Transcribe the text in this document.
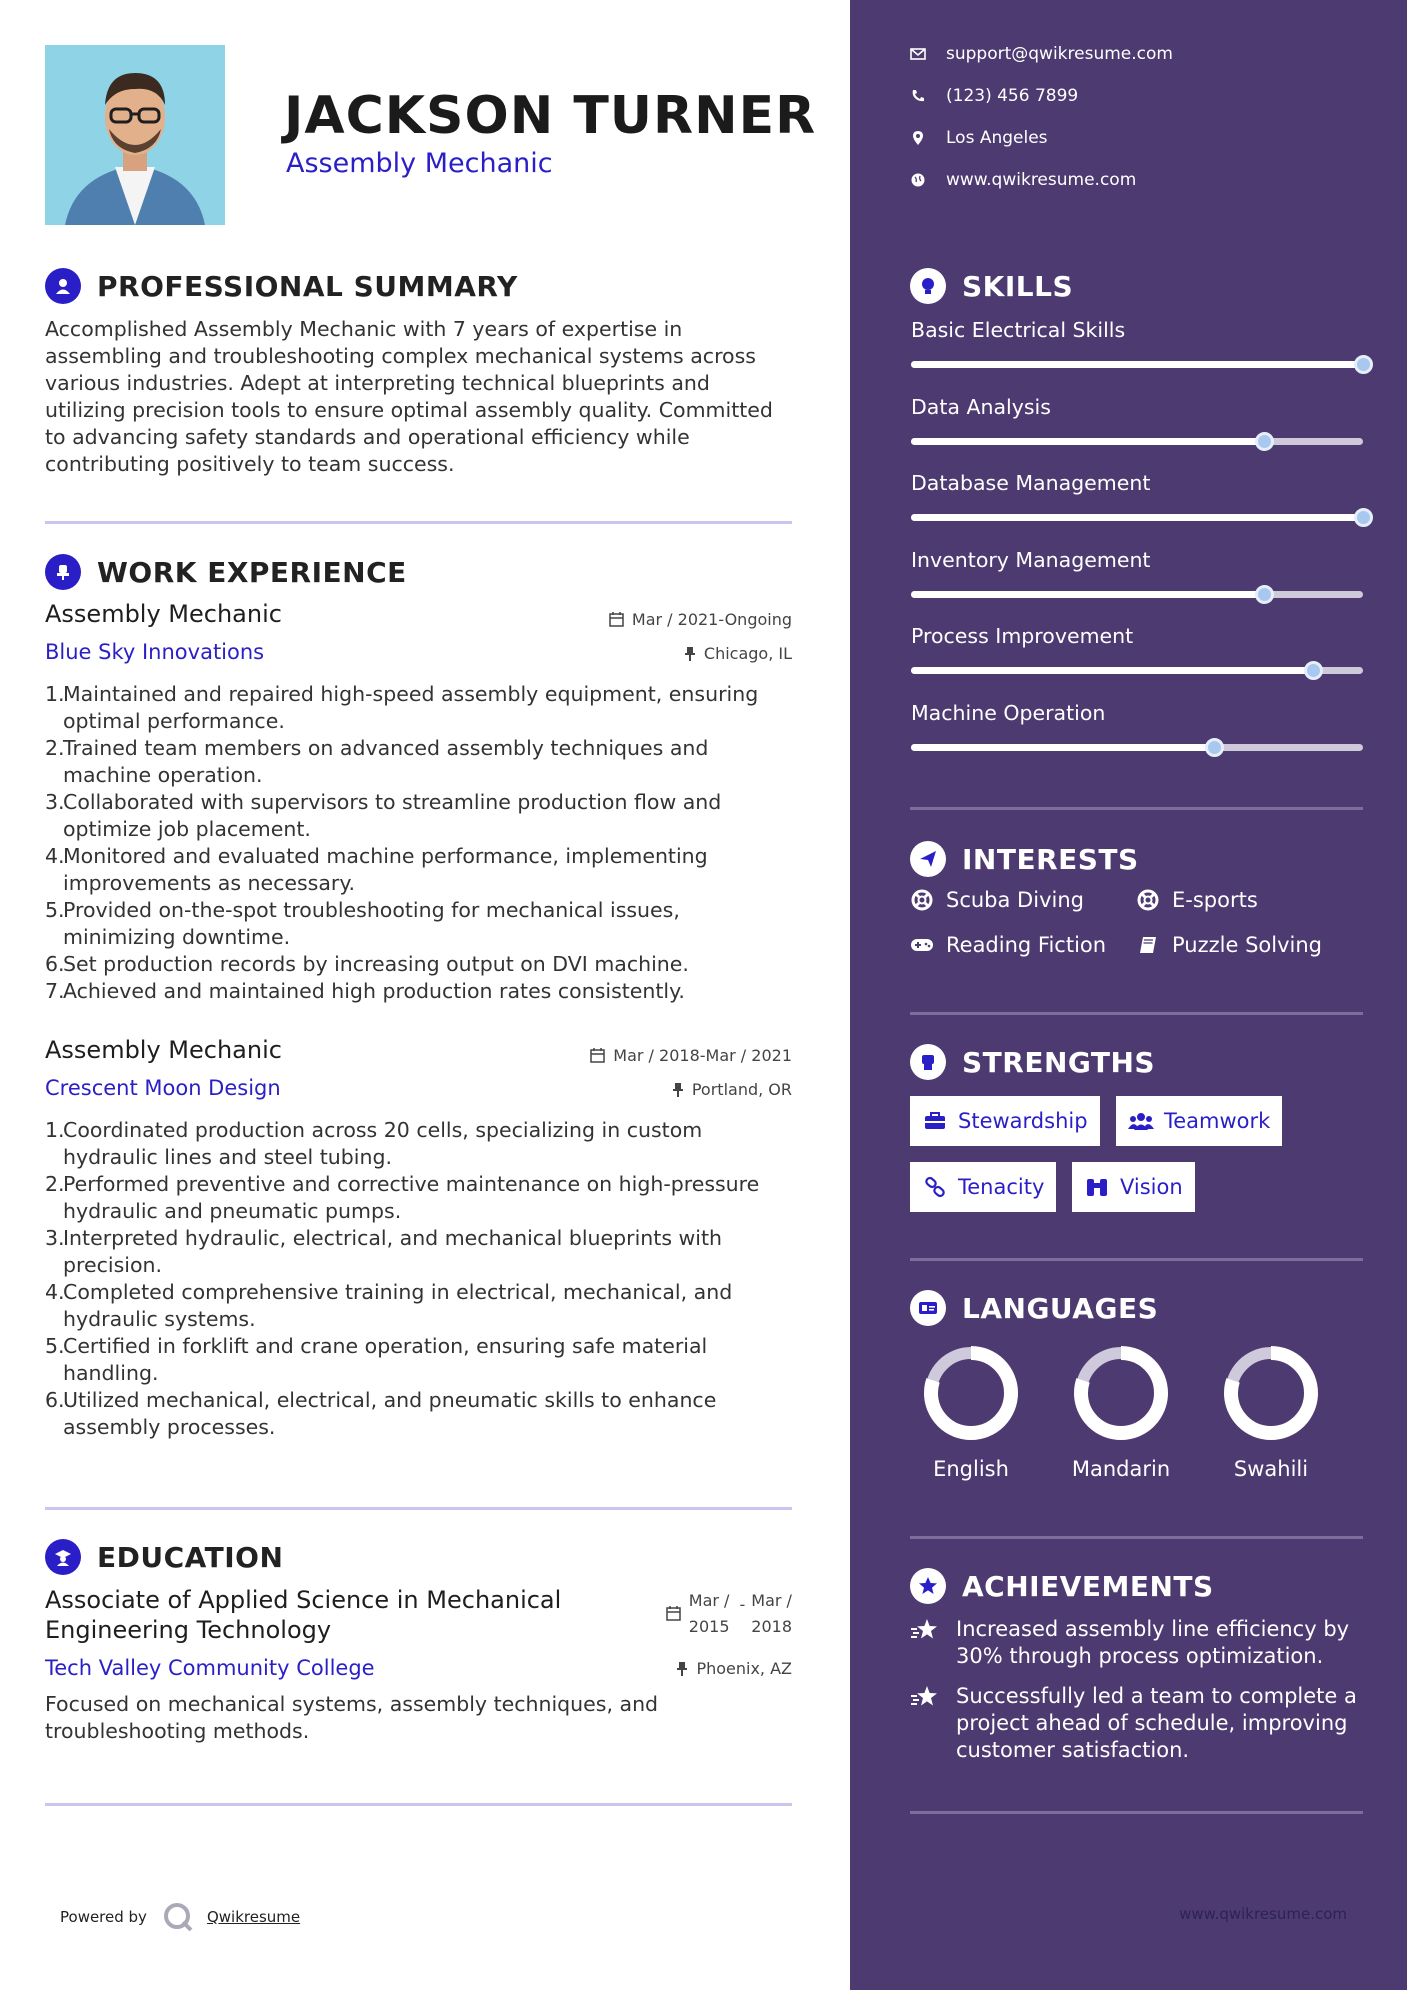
JACKSON TURNER
Assembly Mechanic
PROFESSIONAL SUMMARY
Accomplished Assembly Mechanic with 7 years of expertise in assembling and troubleshooting complex mechanical systems across various industries. Adept at interpreting technical blueprints and utilizing precision tools to ensure optimal assembly quality. Committed to advancing safety standards and operational efficiency while contributing positively to team success.
WORK EXPERIENCE
Assembly Mechanic	Mar / 2021-Ongoing
Blue Sky Innovations	Chicago, IL
1.
Maintained and repaired high-speed assembly equipment, ensuring optimal performance.
2.
Trained team members on advanced assembly techniques and machine operation.
3.
Collaborated with supervisors to streamline production flow and optimize job placement.
4.
Monitored and evaluated machine performance, implementing improvements as necessary.
5.
Provided on-the-spot troubleshooting for mechanical issues, minimizing downtime.
6.
Set production records by increasing output on DVI machine.
7.
Achieved and maintained high production rates consistently.
Assembly Mechanic	Mar / 2018-Mar / 2021
Crescent Moon Design	Portland, OR
1.
Coordinated production across 20 cells, specializing in custom hydraulic lines and steel tubing.
2.
Performed preventive and corrective maintenance on high-pressure hydraulic and pneumatic pumps.
3.
Interpreted hydraulic, electrical, and mechanical blueprints with precision.
4.
Completed comprehensive training in electrical, mechanical, and hydraulic systems.
5.
Certified in forklift and crane operation, ensuring safe material handling.
6.
Utilized mechanical, electrical, and pneumatic skills to enhance assembly processes.
EDUCATION
Associate of Applied Science in Mechanical
Engineering Technology
Mar /
2015
- Mar /
2018
Tech Valley Community College	Phoenix, AZ
Focused on mechanical systems, assembly techniques, and troubleshooting methods.
Powered by	Qwikresume
support@qwikresume.com
(123) 456 7899
Los Angeles
www.qwikresume.com
SKILLS
Basic Electrical Skills
Data Analysis
Database Management
Inventory Management
Process Improvement
Machine Operation
INTERESTS
Scuba Diving	E-sports
Reading Fiction	Puzzle Solving
STRENGTHS
Stewardship	Teamwork
Tenacity	Vision
LANGUAGES
English	Mandarin	Swahili
ACHIEVEMENTS
Increased assembly line efficiency by 30% through process optimization.
Successfully led a team to complete a project ahead of schedule, improving customer satisfaction.
www.qwikresume.com
